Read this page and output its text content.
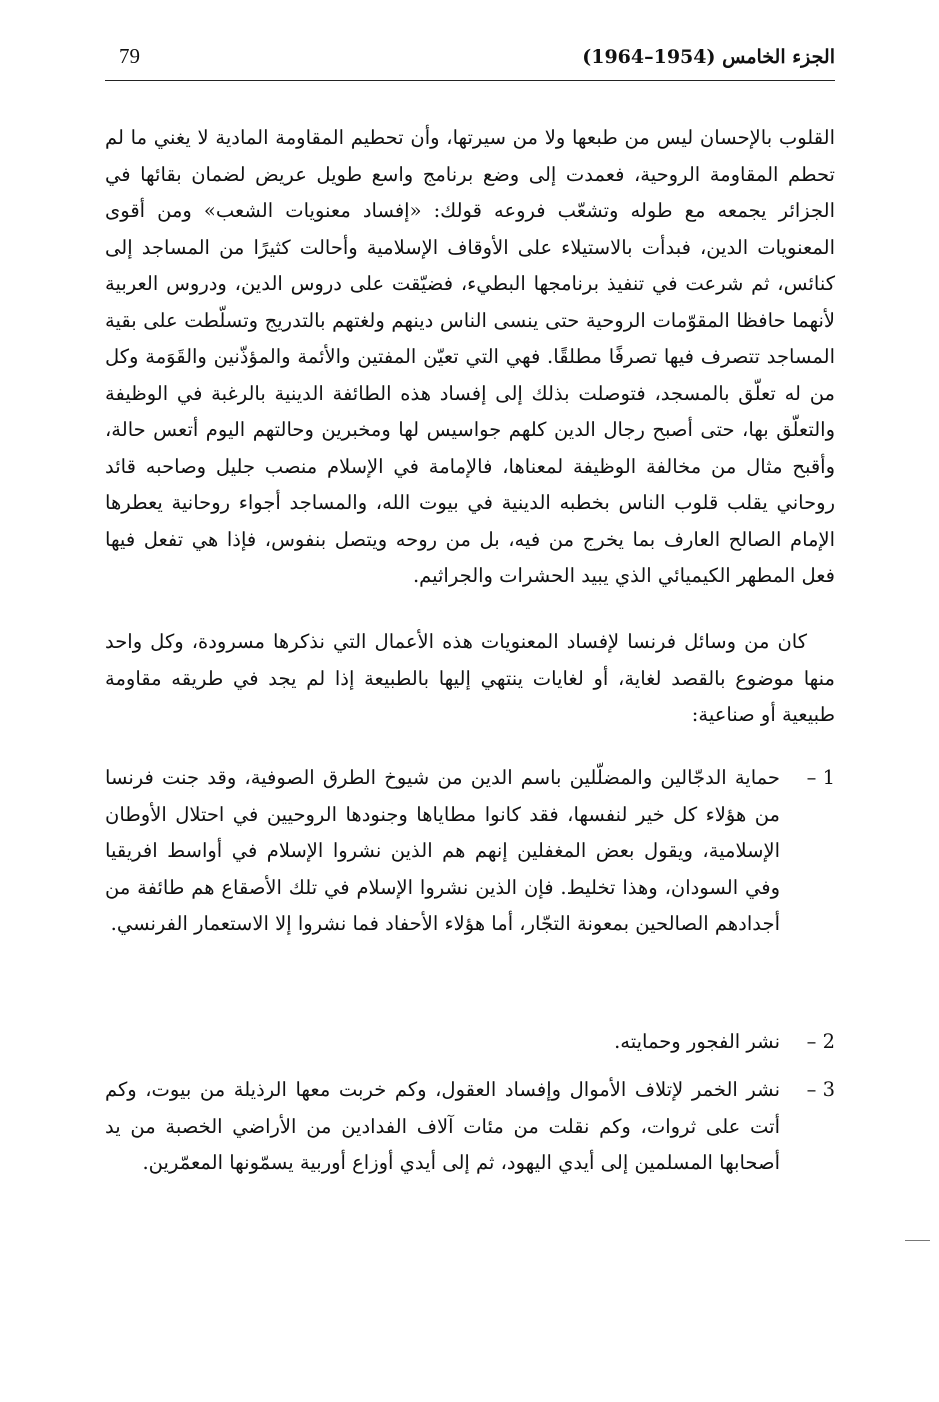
79	الجزء الخامس (1954–1964)

القلوب بالإحسان ليس من طبعها ولا من سيرتها، وأن تحطيم المقاومة المادية لا يغني ما لم تحطم المقاومة الروحية، فعمدت إلى وضع برنامج واسع طويل عريض لضمان بقائها في الجزائر يجمعه مع طوله وتشعّب فروعه قولك: «إفساد معنويات الشعب» ومن أقوى المعنويات الدين، فبدأت بالاستيلاء على الأوقاف الإسلامية وأحالت كثيرًا من المساجد إلى كنائس، ثم شرعت في تنفيذ برنامجها البطيء، فضيّقت على دروس الدين، ودروس العربية لأنهما حافظا المقوّمات الروحية حتى ينسى الناس دينهم ولغتهم بالتدريج وتسلّطت على بقية المساجد تتصرف فيها تصرفًا مطلقًا. فهي التي تعيّن المفتين والأئمة والمؤذّنين والقَوَمة وكل من له تعلّق بالمسجد، فتوصلت بذلك إلى إفساد هذه الطائفة الدينية بالرغبة في الوظيفة والتعلّق بها، حتى أصبح رجال الدين كلهم جواسيس لها ومخبرين وحالتهم اليوم أتعس حالة، وأقبح مثال من مخالفة الوظيفة لمعناها، فالإمامة في الإسلام منصب جليل وصاحبه قائد روحاني يقلب قلوب الناس بخطبه الدينية في بيوت الله، والمساجد أجواء روحانية يعطرها الإمام الصالح العارف بما يخرج من فيه، بل من روحه ويتصل بنفوس، فإذا هي تفعل فيها فعل المطهر الكيميائي الذي يبيد الحشرات والجراثيم.

كان من وسائل فرنسا لإفساد المعنويات هذه الأعمال التي نذكرها مسرودة، وكل واحد منها موضوع بالقصد لغاية، أو لغايات ينتهي إليها بالطبيعة إذا لم يجد في طريقه مقاومة طبيعية أو صناعية:

1 –
حماية الدجّالين والمضلّلين باسم الدين من شيوخ الطرق الصوفية، وقد جنت فرنسا من هؤلاء كل خير لنفسها، فقد كانوا مطاياها وجنودها الروحيين في احتلال الأوطان الإسلامية، ويقول بعض المغفلين إنهم هم الذين نشروا الإسلام في أواسط افريقيا وفي السودان، وهذا تخليط. فإن الذين نشروا الإسلام في تلك الأصقاع هم طائفة من أجدادهم الصالحين بمعونة التجّار، أما هؤلاء الأحفاد فما نشروا إلا الاستعمار الفرنسي.
2 –
نشر الفجور وحمايته.
3 –
نشر الخمر لإتلاف الأموال وإفساد العقول، وكم خربت معها الرذيلة من بيوت، وكم أتت على ثروات، وكم نقلت من مئات آلاف الفدادين من الأراضي الخصبة من يد أصحابها المسلمين إلى أيدي اليهود، ثم إلى أيدي أوزاع أوربية يسمّونها المعمّرين.
